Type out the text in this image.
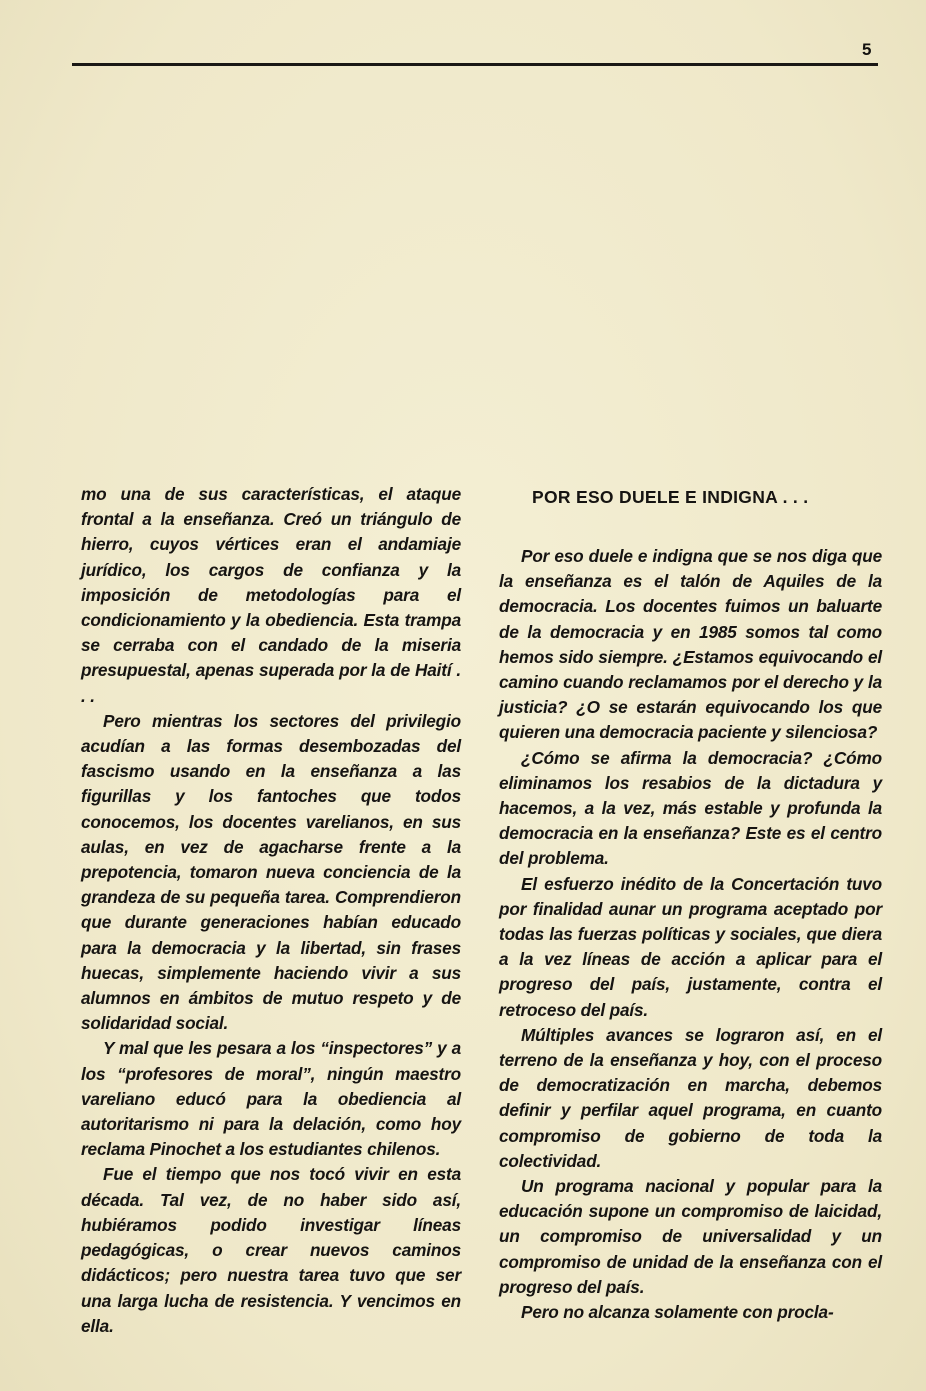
5

mo una de sus características, el ataque frontal a la enseñanza. Creó un triángulo de hierro, cuyos vértices eran el andamiaje jurídico, los cargos de confianza y la imposición de metodologías para el condicionamiento y la obediencia. Esta trampa se cerraba con el candado de la miseria presupuestal, apenas superada por la de Haití . . .

Pero mientras los sectores del privilegio acudían a las formas desembozadas del fascismo usando en la enseñanza a las figurillas y los fantoches que todos conocemos, los docentes varelianos, en sus aulas, en vez de agacharse frente a la prepotencia, tomaron nueva conciencia de la grandeza de su pequeña tarea. Comprendieron que durante generaciones habían educado para la democracia y la libertad, sin frases huecas, simplemente haciendo vivir a sus alumnos en ámbitos de mutuo respeto y de solidaridad social.

Y mal que les pesara a los “inspectores” y a los “profesores de moral”, ningún maestro vareliano educó para la obediencia al autoritarismo ni para la delación, como hoy reclama Pinochet a los estudiantes chilenos.

Fue el tiempo que nos tocó vivir en esta década. Tal vez, de no haber sido así, hubiéramos podido investigar líneas pedagógicas, o crear nuevos caminos didácticos; pero nuestra tarea tuvo que ser una larga lucha de resistencia. Y vencimos en ella.

POR ESO DUELE E INDIGNA . . .

Por eso duele e indigna que se nos diga que la enseñanza es el talón de Aquiles de la democracia. Los docentes fuimos un baluarte de la democracia y en 1985 somos tal como hemos sido siempre. ¿Estamos equivocando el camino cuando reclamamos por el derecho y la justicia? ¿O se estarán equivocando los que quieren una democracia paciente y silenciosa?

¿Cómo se afirma la democracia? ¿Cómo eliminamos los resabios de la dictadura y hacemos, a la vez, más estable y profunda la democracia en la enseñanza? Este es el centro del problema.

El esfuerzo inédito de la Concertación tuvo por finalidad aunar un programa aceptado por todas las fuerzas políticas y sociales, que diera a la vez líneas de acción a aplicar para el progreso del país, justamente, contra el retroceso del país.

Múltiples avances se lograron así, en el terreno de la enseñanza y hoy, con el proceso de democratización en marcha, debemos definir y perfilar aquel programa, en cuanto compromiso de gobierno de toda la colectividad.

Un programa nacional y popular para la educación supone un compromiso de laicidad, un compromiso de universalidad y un compromiso de unidad de la enseñanza con el progreso del país.

Pero no alcanza solamente con procla-
